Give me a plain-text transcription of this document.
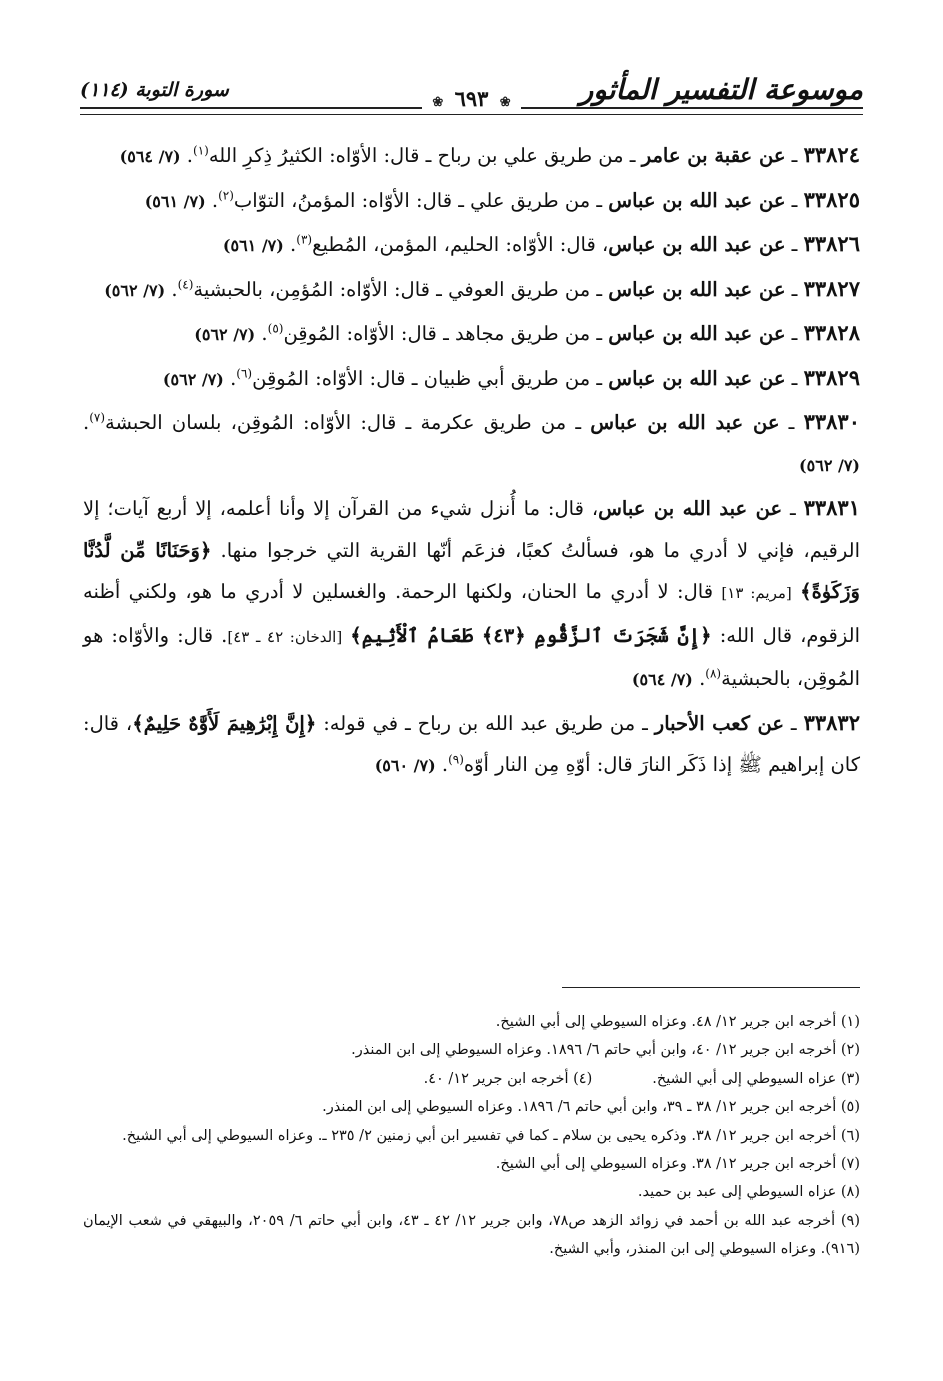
موسوعة التفسير المأثور
سورة التوبة (١١٤)
❀ ٦٩٣ ❀

٣٣٨٢٤ ـ عن عقبة بن عامر ـ من طريق علي بن رباح ـ قال: الأوّاه: الكثيرُ ذِكرِ الله$^{(١)}$. (٧/ ٥٦٤)

٣٣٨٢٥ ـ عن عبد الله بن عباس ـ من طريق علي ـ قال: الأوّاه: المؤمنُ، التوّاب$^{(٢)}$. (٧/ ٥٦١)

٣٣٨٢٦ ـ عن عبد الله بن عباس، قال: الأوّاه: الحليم، المؤمن، المُطيع$^{(٣)}$. (٧/ ٥٦١)

٣٣٨٢٧ ـ عن عبد الله بن عباس ـ من طريق العوفي ـ قال: الأوّاه: المُؤمِن، بالحبشية$^{(٤)}$. (٧/ ٥٦٢)

٣٣٨٢٨ ـ عن عبد الله بن عباس ـ من طريق مجاهد ـ قال: الأوّاه: المُوقِن$^{(٥)}$. (٧/ ٥٦٢)

٣٣٨٢٩ ـ عن عبد الله بن عباس ـ من طريق أبي ظبيان ـ قال: الأوّاه: المُوقِن$^{(٦)}$. (٧/ ٥٦٢)

٣٣٨٣٠ ـ عن عبد الله بن عباس ـ من طريق عكرمة ـ قال: الأوّاه: المُوقِن، بلسان الحبشة$^{(٧)}$. (٧/ ٥٦٢)

٣٣٨٣١ ـ عن عبد الله بن عباس، قال: ما أُنزل شيء من القرآن إلا وأنا أعلمه، إلا أربع آيات؛ إلا الرقيم، فإني لا أدري ما هو، فسألتُ كعبًا، فزعَم أنّها القرية التي خرجوا منها. ﴿وَحَنَانًا مِّن لَّدُنَّا وَزَكَوٰةً﴾ [مريم: ١٣] قال: لا أدري ما الحنان، ولكنها الرحمة. والغسلين لا أدري ما هو، ولكني أظنه الزقوم، قال الله: ﴿إِنَّ شَجَرَتَ ٱلزَّقُّومِ ﴿٤٣﴾ طَعَامُ ٱلْأَثِيمِ﴾ [الدخان: ٤٢ ـ ٤٣]. قال: والأوّاه: هو المُوقِن، بالحبشية$^{(٨)}$. (٧/ ٥٦٤)

٣٣٨٣٢ ـ عن كعب الأحبار ـ من طريق عبد الله بن رباح ـ في قوله: ﴿إِنَّ إِبْرَٰهِيمَ لَأَوَّٰهٌ حَلِيمٌ﴾، قال: كان إبراهيم ﷺ إذا ذَكَر النارَ قال: أوّهِ مِن النار أوّه$^{(٩)}$. (٧/ ٥٦٠)

(١) أخرجه ابن جرير ١٢/ ٤٨. وعزاه السيوطي إلى أبي الشيخ.
(٢) أخرجه ابن جرير ١٢/ ٤٠، وابن أبي حاتم ٦/ ١٨٩٦. وعزاه السيوطي إلى ابن المنذر.
(٣) عزاه السيوطي إلى أبي الشيخ.
(٤) أخرجه ابن جرير ١٢/ ٤٠.
(٥) أخرجه ابن جرير ١٢/ ٣٨ ـ ٣٩، وابن أبي حاتم ٦/ ١٨٩٦. وعزاه السيوطي إلى ابن المنذر.
(٦) أخرجه ابن جرير ١٢/ ٣٨. وذكره يحيى بن سلام ـ كما في تفسير ابن أبي زمنين ٢/ ٢٣٥ ـ. وعزاه السيوطي إلى أبي الشيخ.
(٧) أخرجه ابن جرير ١٢/ ٣٨. وعزاه السيوطي إلى أبي الشيخ.
(٨) عزاه السيوطي إلى عبد بن حميد.
(٩) أخرجه عبد الله بن أحمد في زوائد الزهد ص٧٨، وابن جرير ١٢/ ٤٢ ـ ٤٣، وابن أبي حاتم ٦/ ٢٠٥٩، والبيهقي في شعب الإيمان (٩١٦). وعزاه السيوطي إلى ابن المنذر، وأبي الشيخ.
